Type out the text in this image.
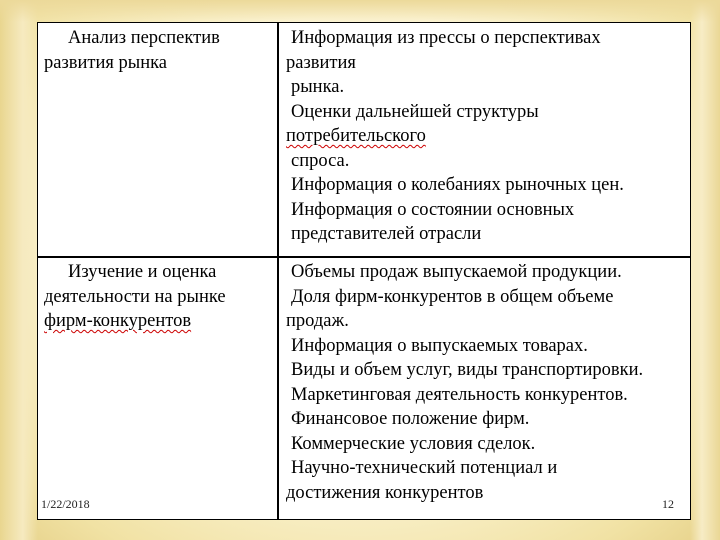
Анализ перспектив
развития рынка
Информация из прессы о перспективах
развития
рынка.
Оценки дальнейшей структуры
потребительского
спроса.
Информация о колебаниях рыночных цен.
Информация о состоянии основных
представителей отрасли
Изучение и оценка
деятельности на рынке
фирм-конкурентов
Объемы продаж выпускаемой продукции.
Доля фирм-конкурентов в общем объеме
продаж.
Информация о выпускаемых товарах.
Виды и объем услуг, виды транспортировки.
Маркетинговая деятельность конкурентов.
Финансовое положение фирм.
Коммерческие условия сделок.
Научно-технический потенциал и
достижения конкурентов
1/22/2018	12
